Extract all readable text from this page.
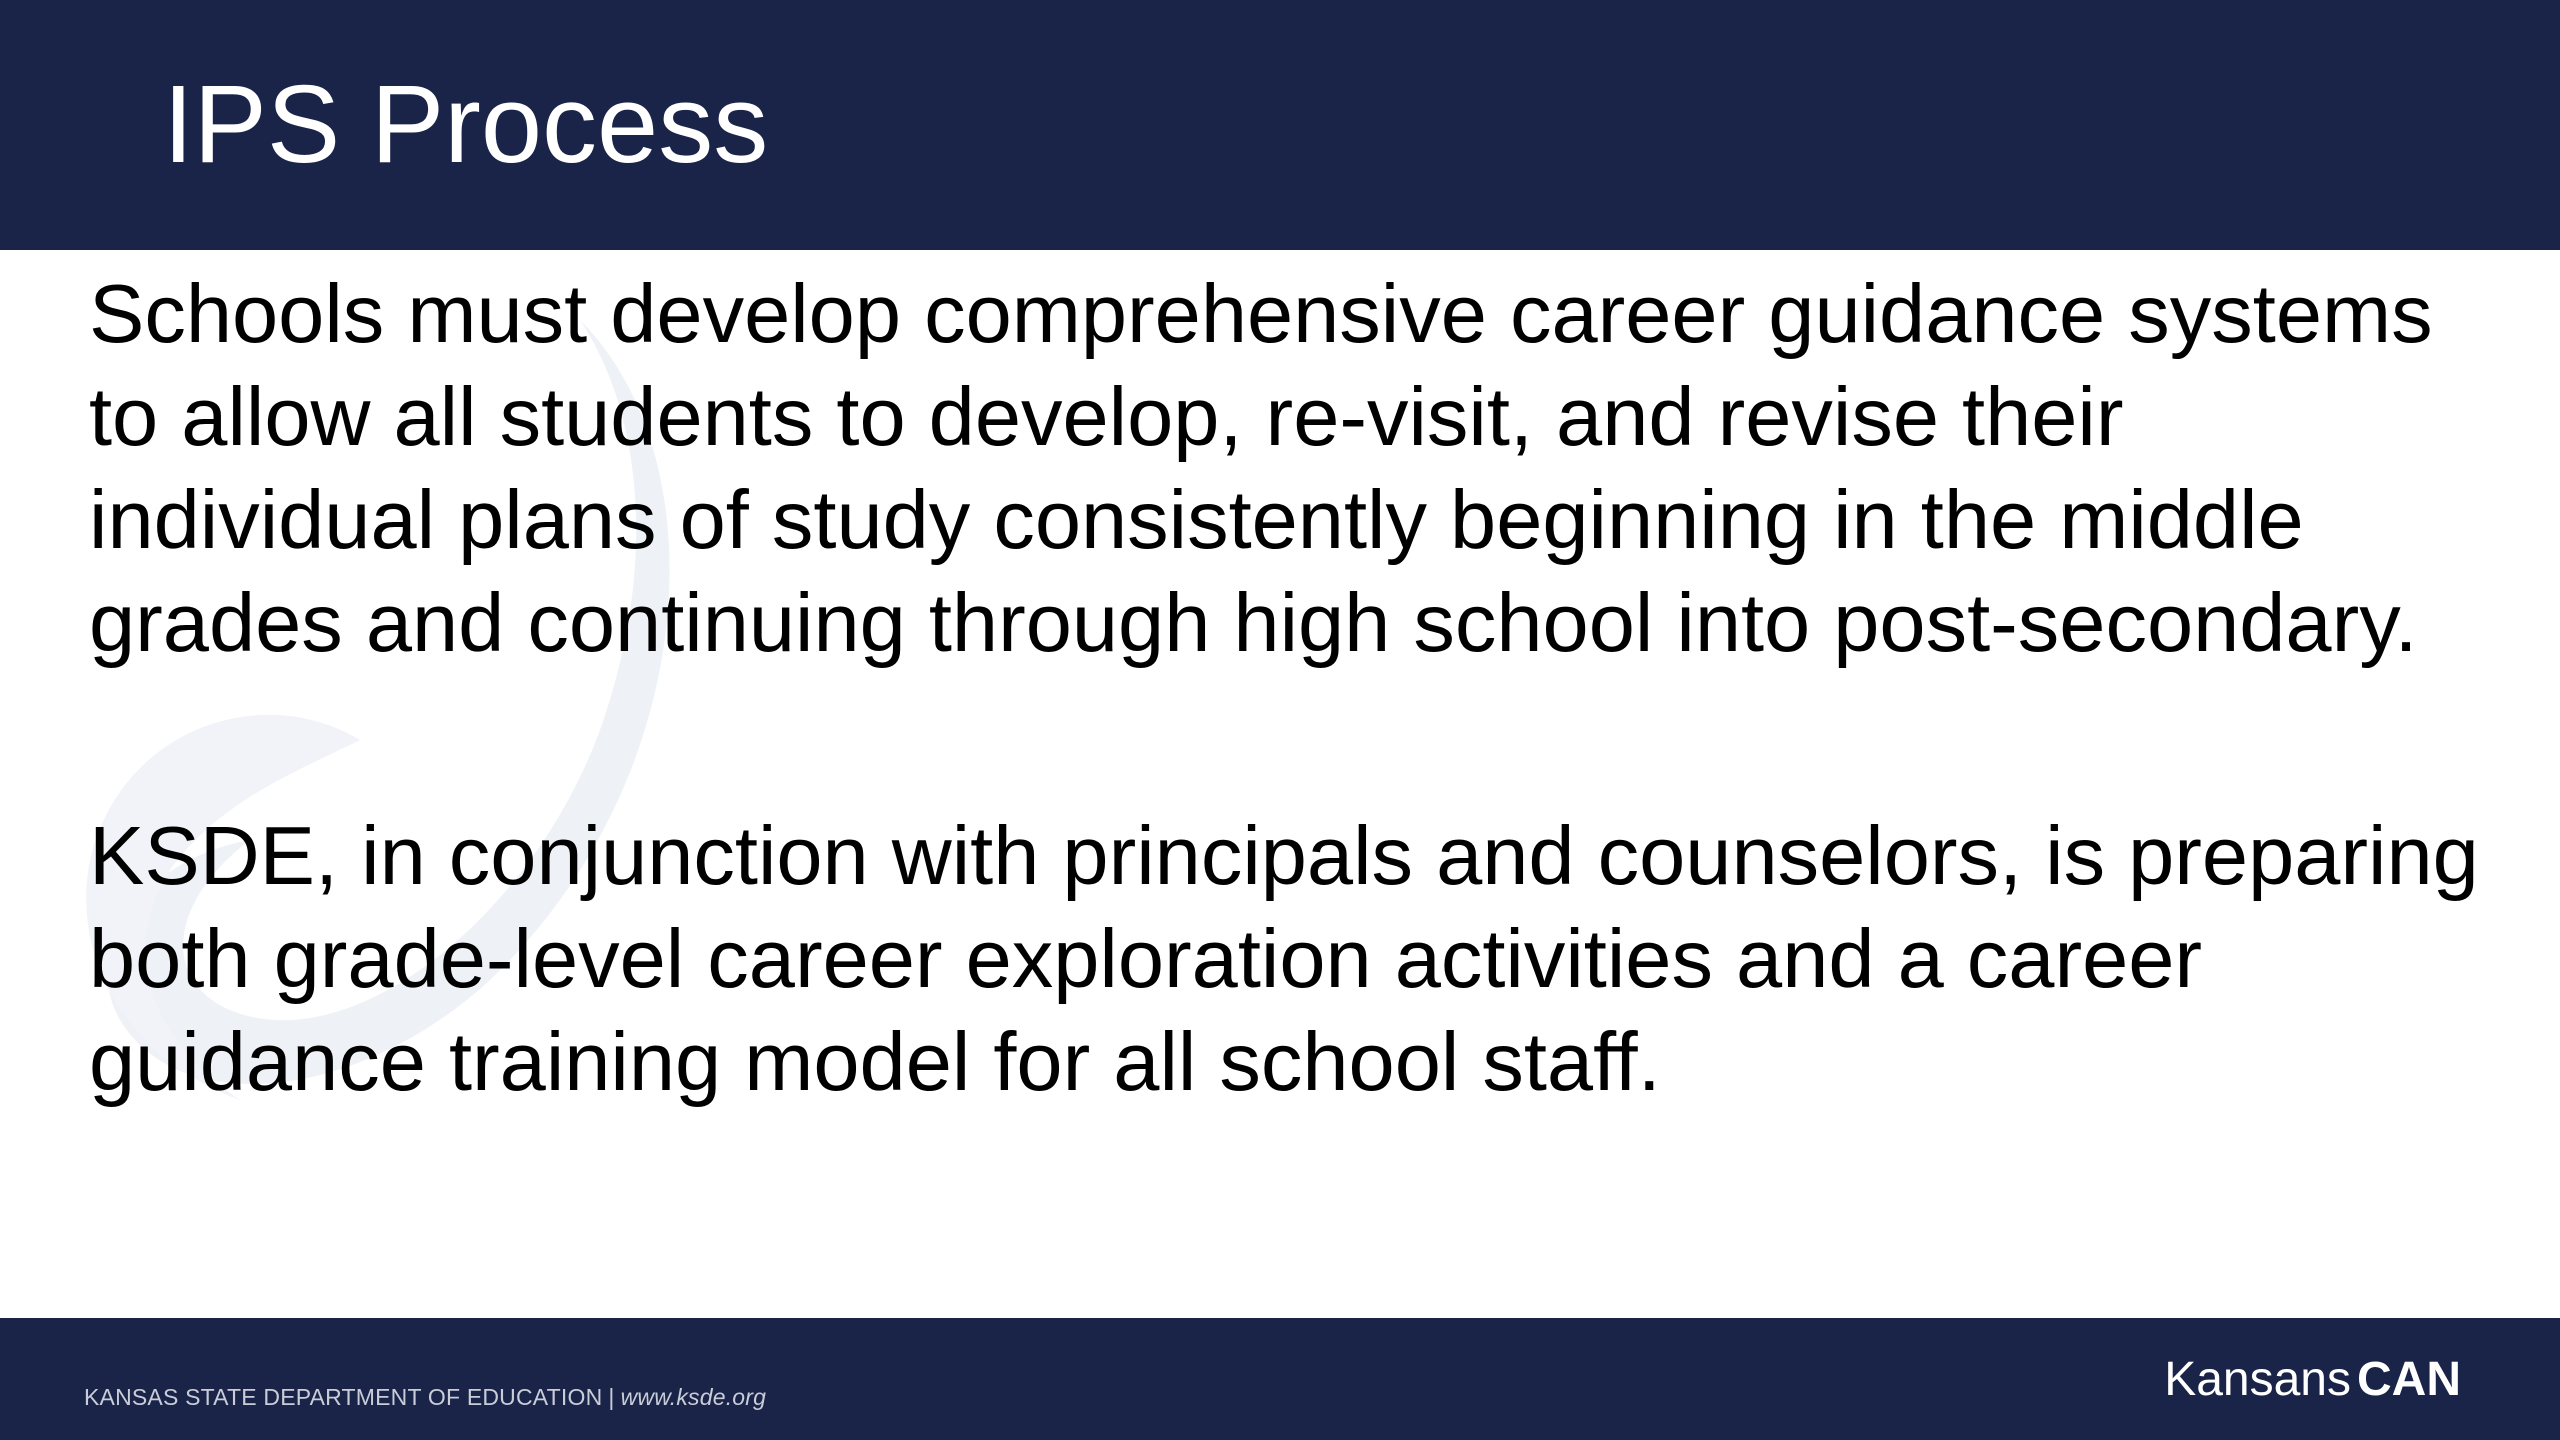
IPS Process

Schools must develop comprehensive career guidance systems to allow all students to develop, re-visit, and revise their individual plans of study consistently beginning in the middle grades and continuing through high school into post-secondary.

KSDE, in conjunction with principals and counselors, is preparing both grade-level career exploration activities and a career guidance training model for all school staff.

KANSAS STATE DEPARTMENT OF EDUCATION | www.ksde.org	Kansans CAN
